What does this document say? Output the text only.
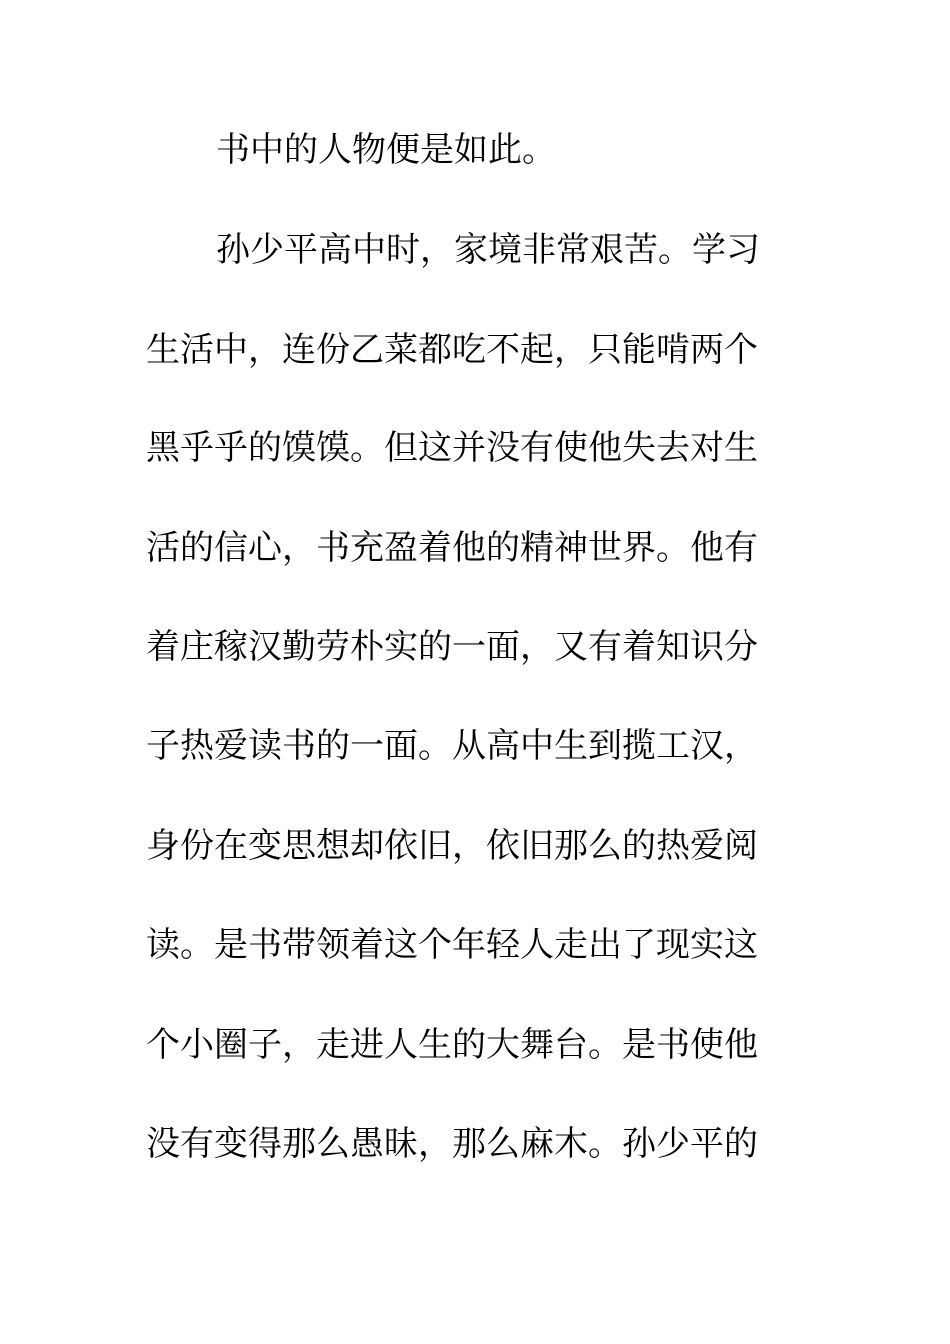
书中的人物便是如此。
孙少平高中时，家境非常艰苦。学习
生活中，连份乙菜都吃不起，只能啃两个
黑乎乎的馍馍。但这并没有使他失去对生
活的信心，书充盈着他的精神世界。他有
着庄稼汉勤劳朴实的一面，又有着知识分
子热爱读书的一面。从高中生到揽工汉，
身份在变思想却依旧，依旧那么的热爱阅
读。是书带领着这个年轻人走出了现实这
个小圈子，走进人生的大舞台。是书使他
没有变得那么愚昧，那么麻木。孙少平的
